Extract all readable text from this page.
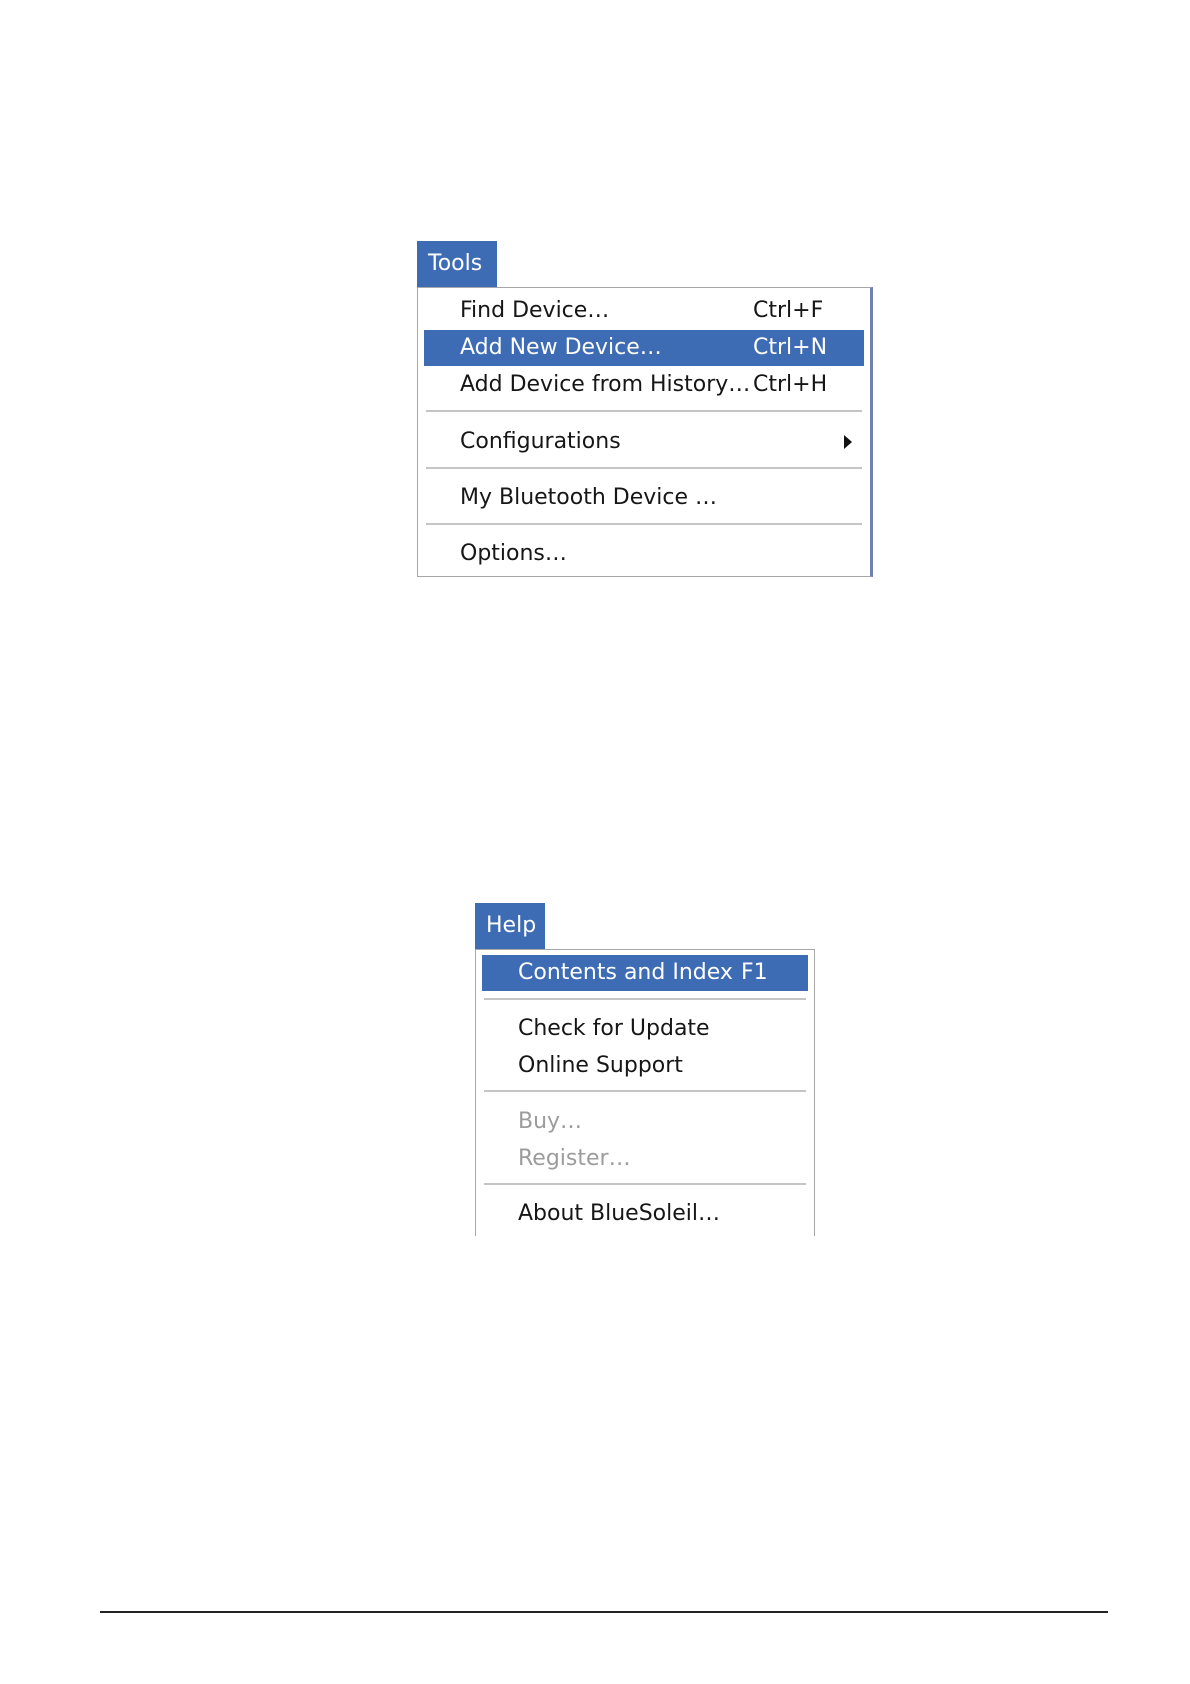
Tools
Find Device…	Ctrl+F
Add New Device…	Ctrl+N
Add Device from History… Ctrl+H
Configurations
My Bluetooth Device …
Options…
Help
Contents and Index F1
Check for Update
Online Support
Buy…
Register…
About BlueSoleil…
